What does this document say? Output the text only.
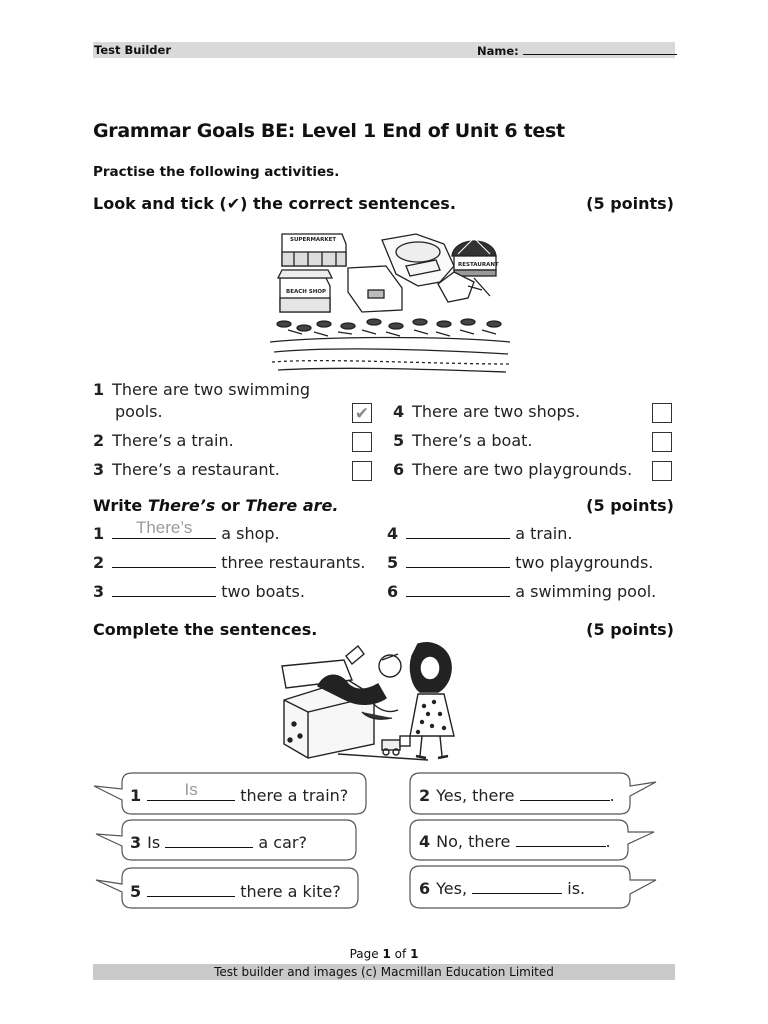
Test Builder	Name:
Grammar Goals BE: Level 1 End of Unit 6 test
Practise the following activities.
Look and tick (✔) the correct sentences.	(5 points)
SUPERMARKET
BEACH SHOP
RESTAURANT
1 There are two swimming
pools.	✔
2 There’s a train.
3 There’s a restaurant.
4 There are two shops.
5 There’s a boat.
6 There are two playgrounds.
Write There’s or There are.	(5 points)
1	There’s	a shop.
2	three restaurants.
3	two boats.
4	a train.
5	two playgrounds.
6	a swimming pool.
Complete the sentences.	(5 points)
1	Is	there a train?	2 Yes, there	.
3 Is	a car?	4 No, there	.
5	there a kite?	6 Yes,	is.
Page 1 of 1
Test builder and images (c) Macmillan Education Limited
